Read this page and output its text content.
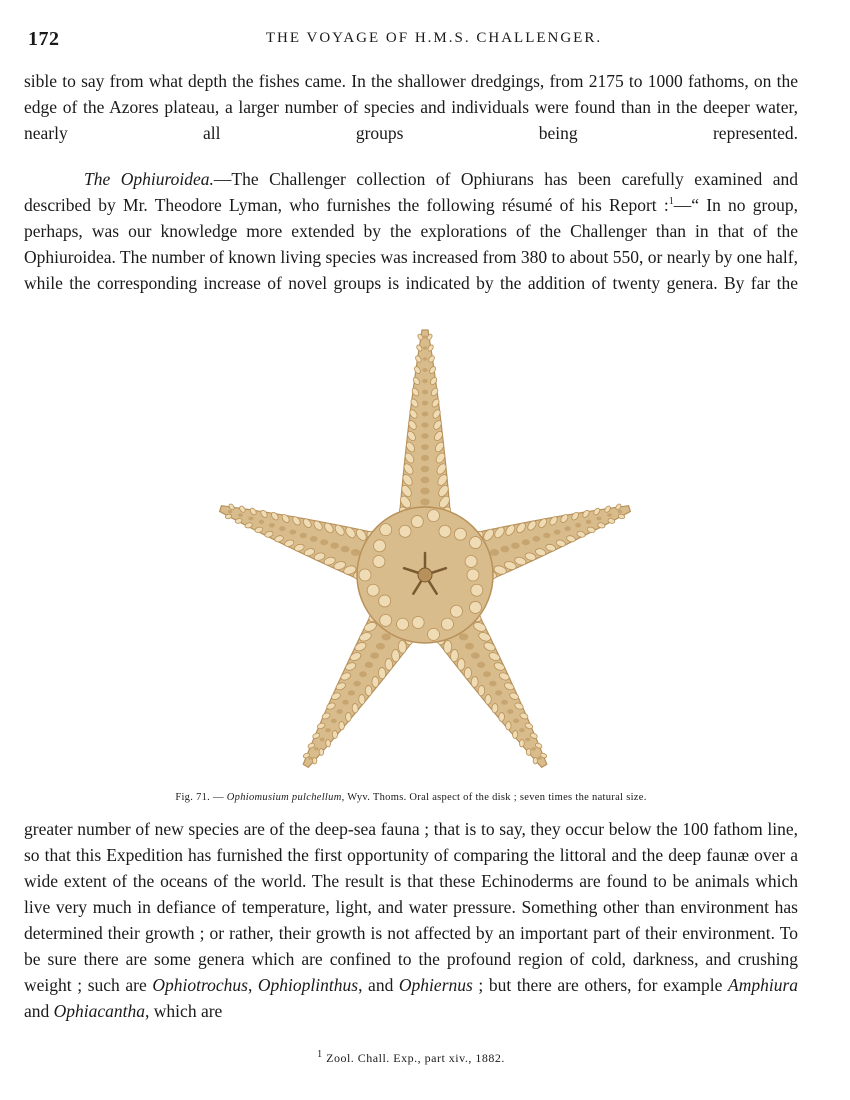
172	THE VOYAGE OF H.M.S. CHALLENGER.

sible to say from what depth the fishes came. In the shallower dredgings, from 2175 to 1000 fathoms, on the edge of the Azores plateau, a larger number of species and individuals were found than in the deeper water, nearly all groups being represented.

The Ophiuroidea.—The Challenger collection of Ophiurans has been carefully examined and described by Mr. Theodore Lyman, who furnishes the following résumé of his Report :$^1$—“ In no group, perhaps, was our knowledge more extended by the explorations of the Challenger than in that of the Ophiuroidea. The number of known living species was increased from 380 to about 550, or nearly by one half, while the corresponding increase of novel groups is indicated by the addition of twenty genera. By far the

Fig. 71. — Ophiomusium pulchellum, Wyv. Thoms. Oral aspect of the disk ; seven times the natural size.

greater number of new species are of the deep-sea fauna ; that is to say, they occur below the 100 fathom line, so that this Expedition has furnished the first opportunity of comparing the littoral and the deep faunæ over a wide extent of the oceans of the world. The result is that these Echinoderms are found to be animals which live very much in defiance of temperature, light, and water pressure. Something other than environment has determined their growth ; or rather, their growth is not affected by an important part of their environment. To be sure there are some genera which are confined to the profound region of cold, darkness, and crushing weight ; such are Ophiotrochus, Ophioplinthus, and Ophiernus ; but there are others, for example Amphiura and Ophiacantha, which are

$^1$ Zool. Chall. Exp., part xiv., 1882.
